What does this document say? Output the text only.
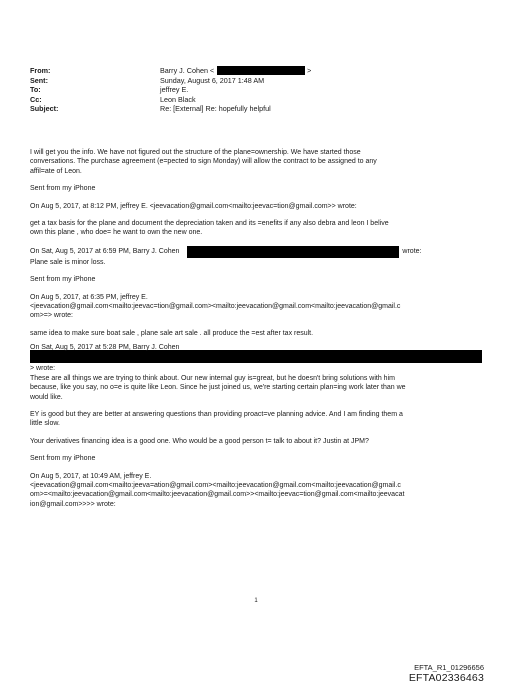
From:	Barry J. Cohen <	>
Sent:	Sunday, August 6, 2017 1:48 AM
To:	jeffrey E.
Cc:	Leon Black
Subject:	Re: [External] Re: hopefully helpful

I will get you the info. We have not figured out the structure of the plane=ownership. We have started those

conversations. The purchase agreement (e=pected to sign Monday) will allow the contract to be assigned to any

affil=ate of Leon.

Sent from my iPhone

On Aug 5, 2017, at 8:12 PM, jeffrey E. <jeevacation@gmail.com<mailto:jeevac=tion@gmail.com>> wrote:

get a tax basis for the plane and document the depreciation taken and its =enefits if any also debra and leon I belive

own this plane , who doe= he want to own the new one.

On Sat, Aug 5, 2017 at 6:59 PM, Barry J. Cohen	wrote:

Plane sale is minor loss.

Sent from my iPhone

On Aug 5, 2017, at 6:35 PM, jeffrey E.

<jeevacation@gmail.com<mailto:jeevac=tion@gmail.com><mailto:jeevacation@gmail.com<mailto:jeevacation@gmail.c

om>=> wrote:

same idea to make sure boat sale , plane sale art sale . all produce the =est after tax result.

On Sat, Aug 5, 2017 at 5:28 PM, Barry J. Cohen

> wrote:

These are all things we are trying to think about. Our new internal guy is=great, but he doesn't bring solutions with him

because, like you say, no o=e is quite like Leon. Since he just joined us, we're starting certain plan=ing work later than we

would like.

EY is good but they are better at answering questions than providing proact=ve planning advice. And I am finding them a

little slow.

Your derivatives financing idea is a good one. Who would be a good person t= talk to about it? Justin at JPM?

Sent from my iPhone

On Aug 5, 2017, at 10:49 AM, jeffrey E.

<jeevacation@gmail.com<mailto:jeeva=ation@gmail.com><mailto:jeevacation@gmail.com<mailto:jeevacation@gmail.c

om>=<mailto:jeevacation@gmail.com<mailto:jeevacation@gmail.com>><mailto:jeevac=tion@gmail.com<mailto:jeevacat

ion@gmail.com>>>> wrote:

1
EFTA_R1_01296656
EFTA02336463
